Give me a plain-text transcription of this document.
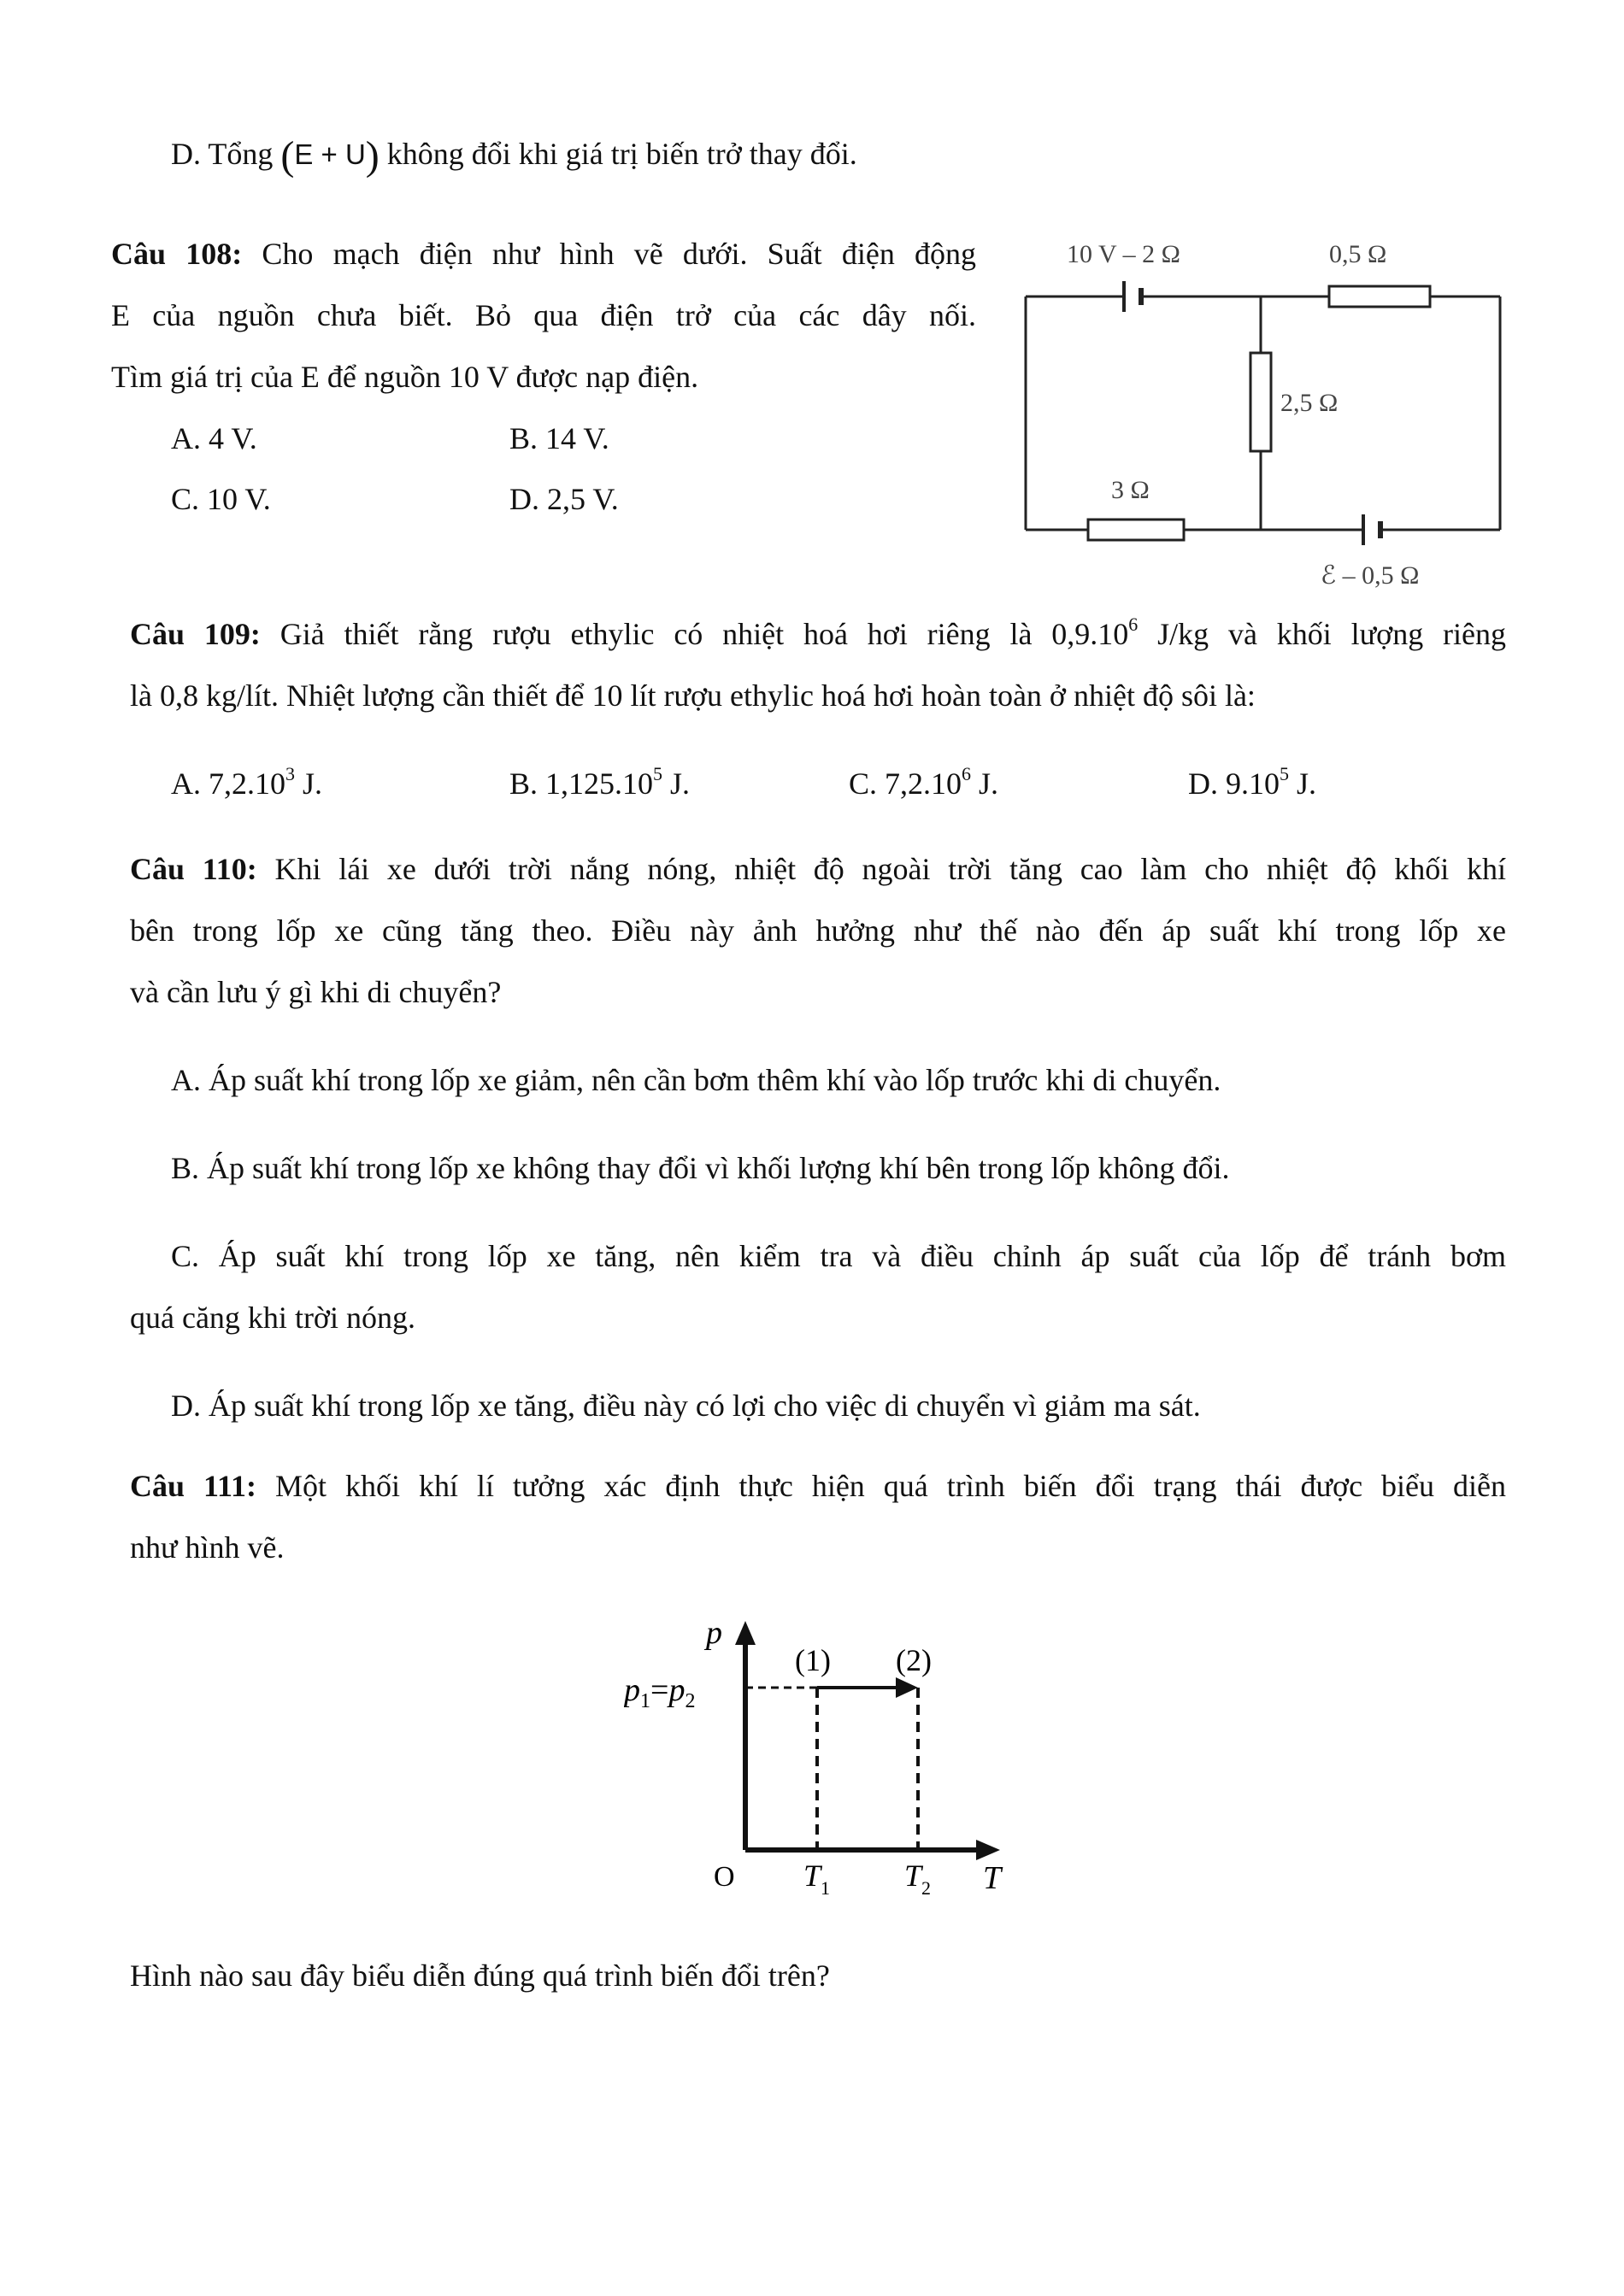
D. Tổng (E + U) không đổi khi giá trị biến trở thay đổi.
Câu 108: Cho mạch điện như hình vẽ dưới. Suất điện động
E của nguồn chưa biết. Bỏ qua điện trở của các dây nối.
Tìm giá trị của E để nguồn 10 V được nạp điện.
A. 4 V.	B. 14 V.
C. 10 V.	D. 2,5 V.
10 V – 2 Ω	0,5 Ω
2,5 Ω
3 Ω
ℰ – 0,5 Ω
Câu 109: Giả thiết rằng rượu ethylic có nhiệt hoá hơi riêng là 0,9.10$^6$ J/kg và khối lượng riêng
là 0,8 kg/lít. Nhiệt lượng cần thiết để 10 lít rượu ethylic hoá hơi hoàn toàn ở nhiệt độ sôi là:
A. 7,2.10$^3$ J.	B. 1,125.10$^5$ J.	C. 7,2.10$^6$ J.	D. 9.10$^5$ J.
Câu 110: Khi lái xe dưới trời nắng nóng, nhiệt độ ngoài trời tăng cao làm cho nhiệt độ khối khí
bên trong lốp xe cũng tăng theo. Điều này ảnh hưởng như thế nào đến áp suất khí trong lốp xe
và cần lưu ý gì khi di chuyển?
A. Áp suất khí trong lốp xe giảm, nên cần bơm thêm khí vào lốp trước khi di chuyển.
B. Áp suất khí trong lốp xe không thay đổi vì khối lượng khí bên trong lốp không đổi.
C. Áp suất khí trong lốp xe tăng, nên kiểm tra và điều chỉnh áp suất của lốp để tránh bơm
quá căng khi trời nóng.
D. Áp suất khí trong lốp xe tăng, điều này có lợi cho việc di chuyển vì giảm ma sát.
Câu 111: Một khối khí lí tưởng xác định thực hiện quá trình biến đổi trạng thái được biểu diễn
như hình vẽ.
p
T
O
$p_1=p_2$
(1) (2)
$T_1$ $T_2$
Hình nào sau đây biểu diễn đúng quá trình biến đổi trên?
